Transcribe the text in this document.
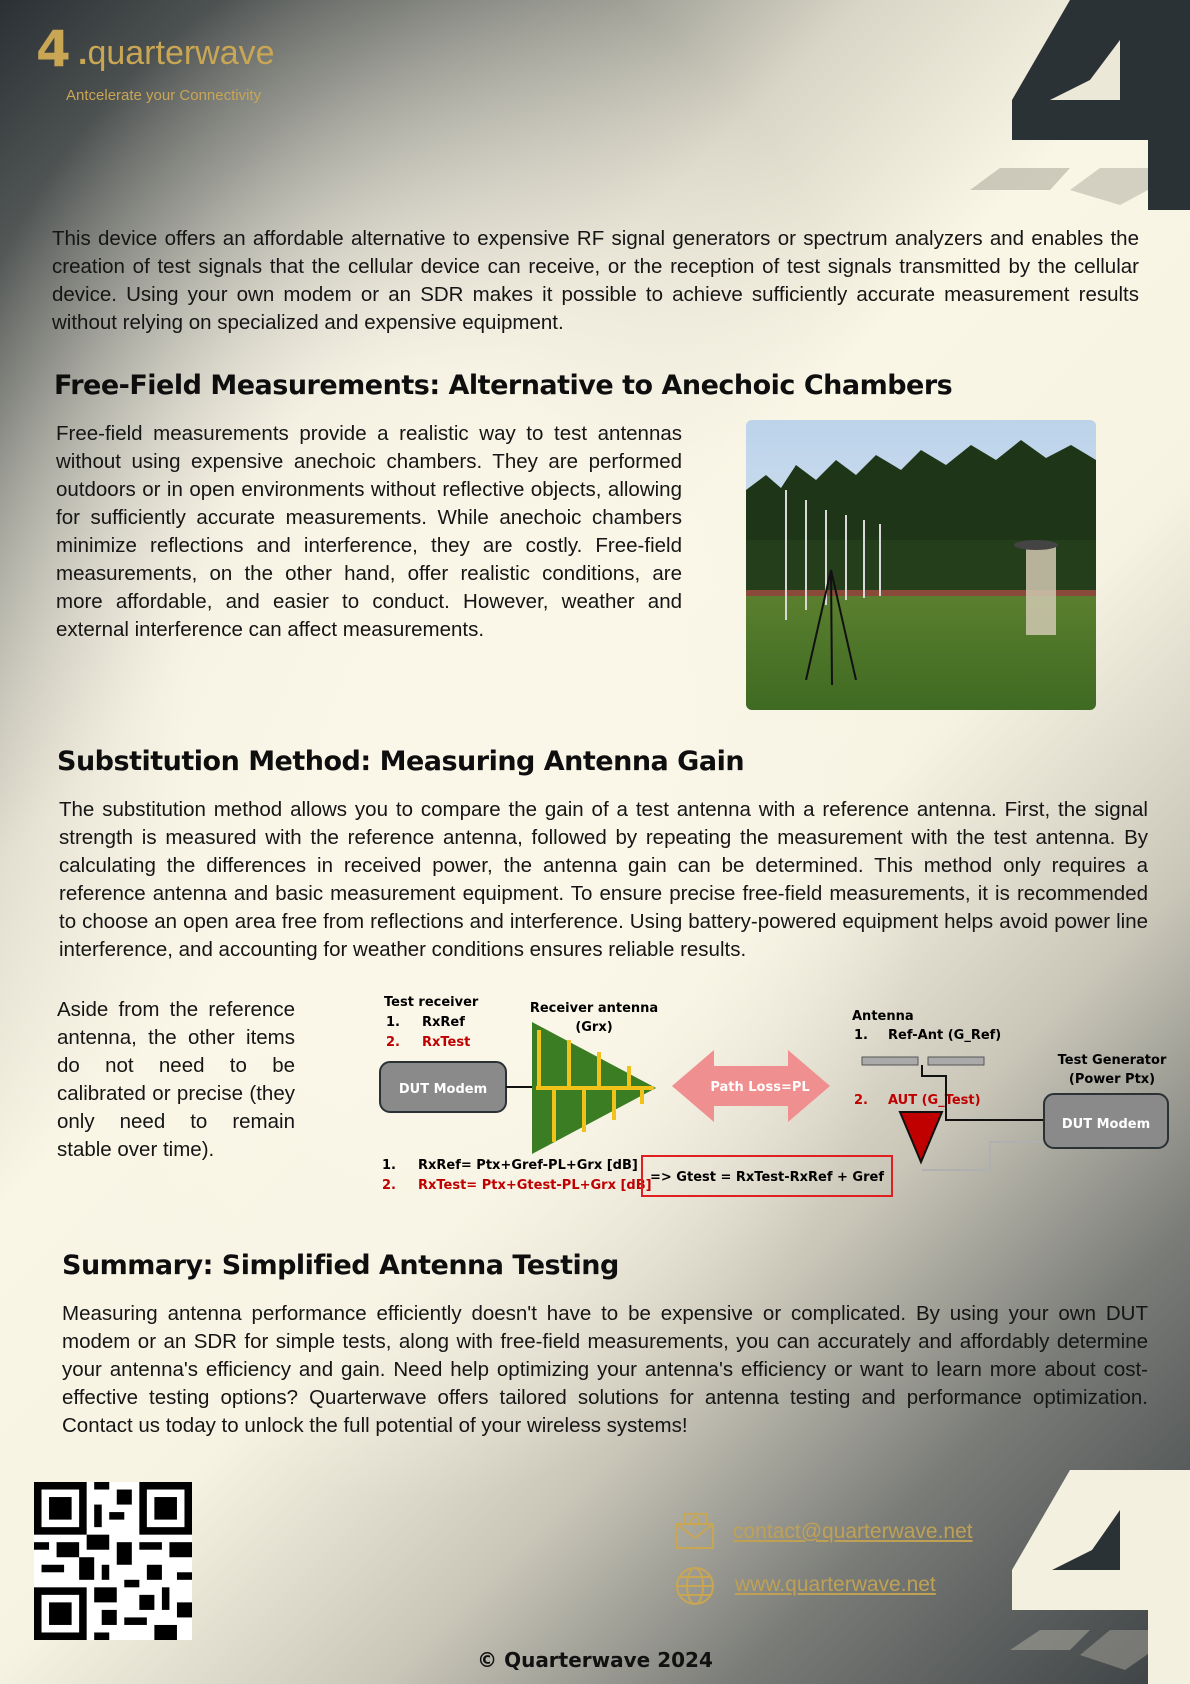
4 .quarterwave
Antcelerate your Connectivity

This device offers an affordable alternative to expensive RF signal generators or spectrum analyzers and enables the creation of test signals that the cellular device can receive, or the reception of test signals transmitted by the cellular device. Using your own modem or an SDR makes it possible to achieve sufficiently accurate measurement results without relying on specialized and expensive equipment.

Free-Field Measurements: Alternative to Anechoic Chambers

Free-field measurements provide a realistic way to test antennas without using expensive anechoic chambers. They are performed outdoors or in open environments without reflective objects, allowing for sufficiently accurate measurements. While anechoic chambers minimize reflections and interference, they are costly. Free-field measurements, on the other hand, offer realistic conditions, are more affordable, and easier to conduct. However, weather and external interference can affect measurements.

Substitution Method: Measuring Antenna Gain

The substitution method allows you to compare the gain of a test antenna with a reference antenna. First, the signal strength is measured with the reference antenna, followed by repeating the measurement with the test antenna. By calculating the differences in received power, the antenna gain can be determined. This method only requires a reference antenna and basic measurement equipment. To ensure precise free-field measurements, it is recommended to choose an open area free from reflections and interference. Using battery-powered equipment helps avoid power line interference, and accounting for weather conditions ensures reliable results.

Aside from the reference antenna, the other items do not need to be calibrated or precise (they only need to remain stable over time).

Test receiver
1. RxRef
2. RxTest
DUT Modem
Receiver antenna
(Grx)
Path Loss=PL
Antenna
1. Ref-Ant (G_Ref)
2. AUT (G_Test)
Test Generator
(Power Ptx)
DUT Modem
1. RxRef= Ptx+Gref-PL+Grx [dB]
2. RxTest= Ptx+Gtest-PL+Grx [dB]
=> Gtest = RxTest-RxRef + Gref
Summary: Simplified Antenna Testing

Measuring antenna performance efficiently doesn't have to be expensive or complicated. By using your own DUT modem or an SDR for simple tests, along with free-field measurements, you can accurately and affordably determine your antenna's efficiency and gain. Need help optimizing your antenna's efficiency or want to learn more about cost-effective testing options? Quarterwave offers tailored solutions for antenna testing and performance optimization. Contact us today to unlock the full potential of your wireless systems!

contact@quarterwave.net
www.quarterwave.net
© Quarterwave 2024
